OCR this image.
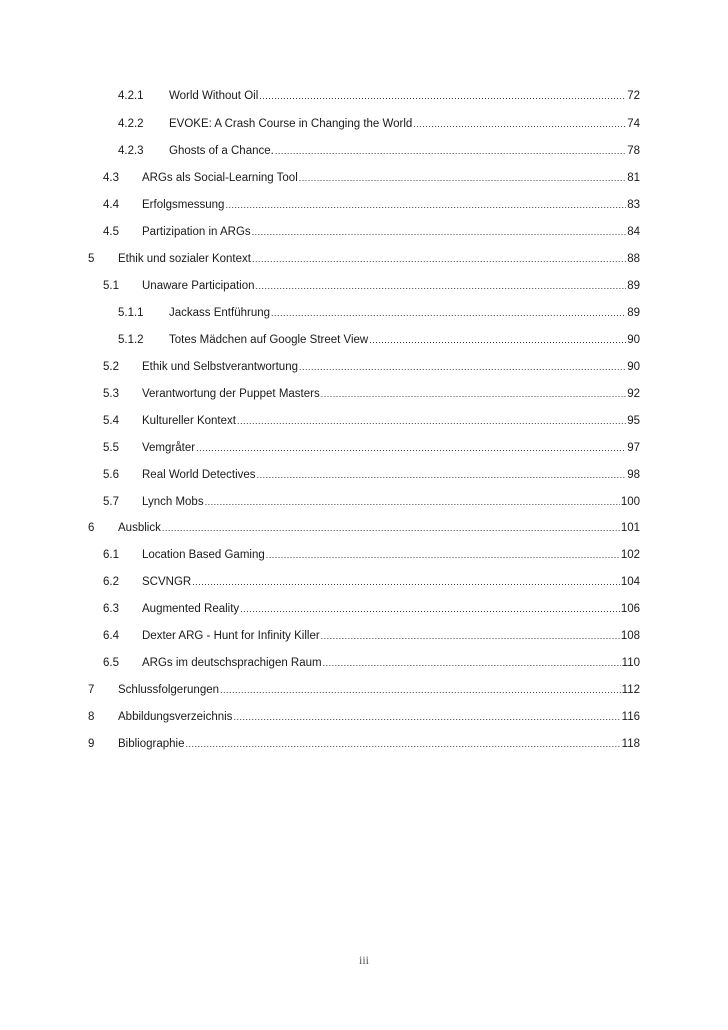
4.2.1 World Without Oil .....	72
4.2.2 EVOKE: A Crash Course in Changing the World .....	74
4.2.3 Ghosts of a Chance. .....	78
4.3 ARGs als Social-Learning Tool .....	81
4.4 Erfolgsmessung .....	83
4.5 Partizipation in ARGs .....	84
5 Ethik und sozialer Kontext .....	88
5.1 Unaware Participation .....	89
5.1.1 Jackass Entführung .....	89
5.1.2 Totes Mädchen auf Google Street View .....	90
5.2 Ethik und Selbstverantwortung .....	90
5.3 Verantwortung der Puppet Masters .....	92
5.4 Kultureller Kontext .....	95
5.5 Vemgråter .....	97
5.6 Real World Detectives .....	98
5.7 Lynch Mobs .....	100
6 Ausblick .....	101
6.1 Location Based Gaming .....	102
6.2 SCVNGR .....	104
6.3 Augmented Reality .....	106
6.4 Dexter ARG - Hunt for Infinity Killer .....	108
6.5 ARGs im deutschsprachigen Raum .....	110
7 Schlussfolgerungen .....	112
8 Abbildungsverzeichnis .....	116
9 Bibliographie .....	118
iii
